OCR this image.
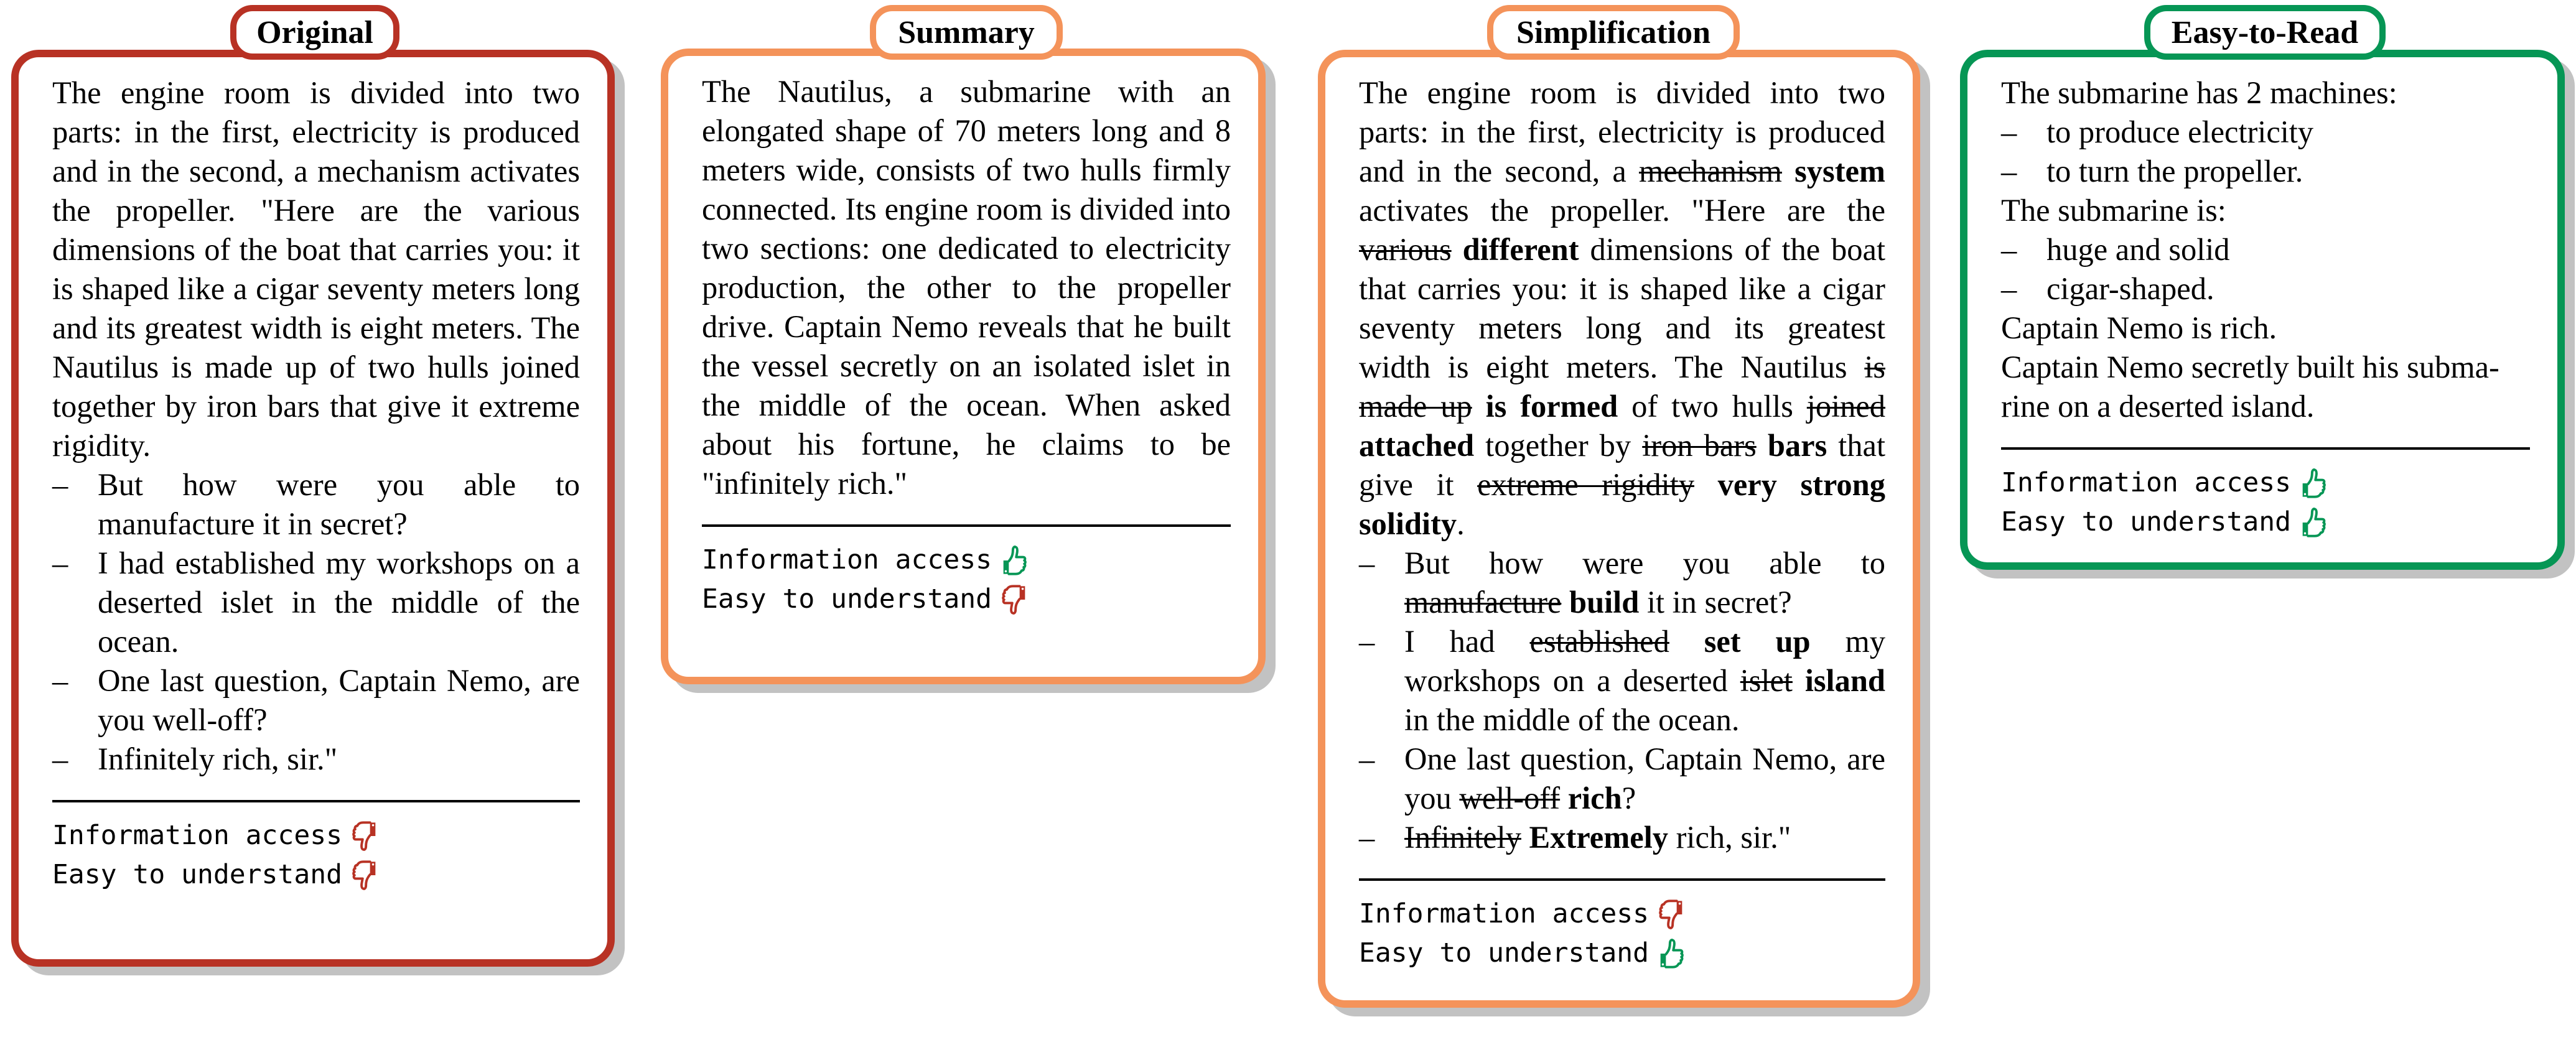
The engine room is divided into two parts: in the first, electricity is produced and in the second, a mechanism activates the propeller. "Here are the various dimensions of the boat that carries you: it is shaped like a cigar seventy meters long and its greatest width is eight meters. The Nautilus is made up of two hulls joined together by iron bars that give it extreme rigidity.

– But how were you able to manufacture it in secret?
– I had established my workshops on a deserted islet in the middle of the ocean.
– One last question, Captain Nemo, are you well-off?
– Infinitely rich, sir."
Information access
Easy to understand
Original

The Nautilus, a submarine with an elongated shape of 70 meters long and 8 meters wide, consists of two hulls firmly connected. Its engine room is divided into two sections: one dedicated to electricity production, the other to the propeller drive. Captain Nemo reveals that he built the vessel secretly on an isolated islet in the middle of the ocean. When asked about his fortune, he claims to be "infinitely rich."

Information access
Easy to understand
Summary

The engine room is divided into two parts: in the first, electricity is produced and in the second, a mechanism system activates the propeller. "Here are the various different dimensions of the boat that carries you: it is shaped like a cigar seventy meters long and its greatest width is eight meters. The Nautilus is made up is formed of two hulls joined attached together by iron bars bars that give it extreme rigidity very strong solidity.

– But how were you able to manufacture build it in secret?
– I had established set up my workshops on a deserted islet island in the middle of the ocean.
– One last question, Captain Nemo, are you well-off rich?
– Infinitely Extremely rich, sir."
Information access
Easy to understand
Simplification
The submarine has 2 machines:
– to produce electricity
– to turn the propeller.
The submarine is:
– huge and solid
– cigar-shaped.
Captain Nemo is rich.
Captain Nemo secretly built his submarine on a deserted island.
Information access
Easy to understand
Easy-to-Read
